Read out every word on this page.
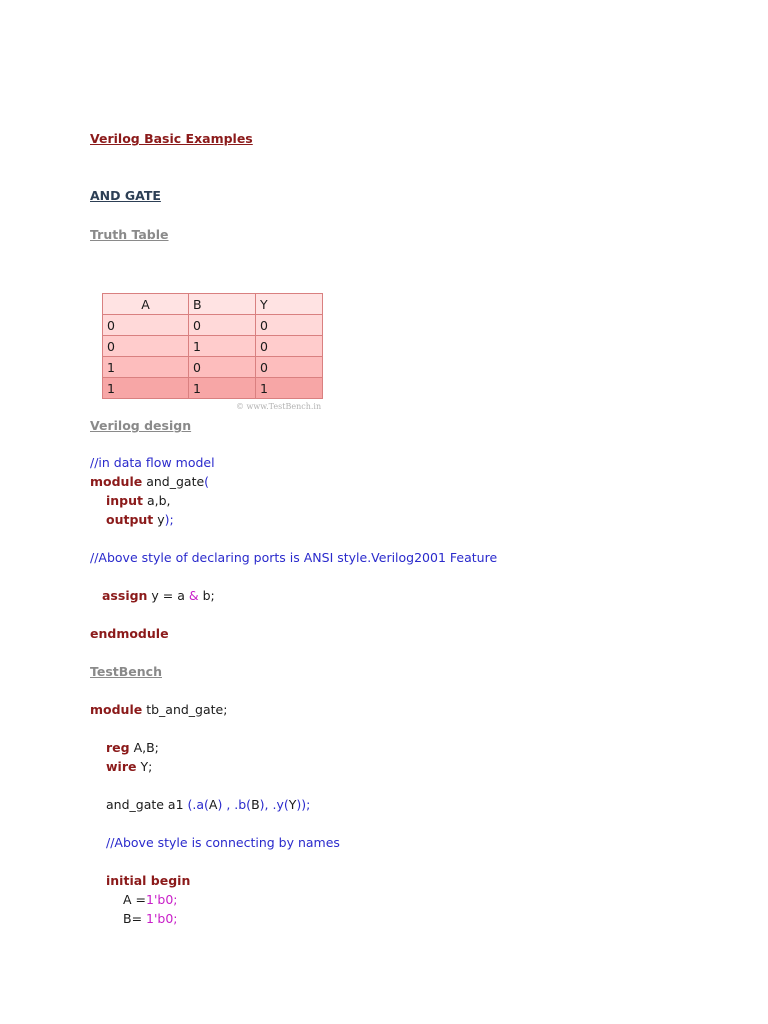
Verilog Basic Examples
AND GATE
Truth Table
A	B	Y
0	0	0
0	1	0
1	0	0
1	1	1
© www.TestBench.in
Verilog design
//in data flow model
module and_gate(
input a,b,
output y);
//Above style of declaring ports is ANSI style.Verilog2001 Feature
assign y = a & b;
endmodule
TestBench
module tb_and_gate;
reg A,B;
wire Y;
and_gate a1 (.a(A) , .b(B), .y(Y));
//Above style is connecting by names
initial begin
A =1'b0;
B= 1'b0;
